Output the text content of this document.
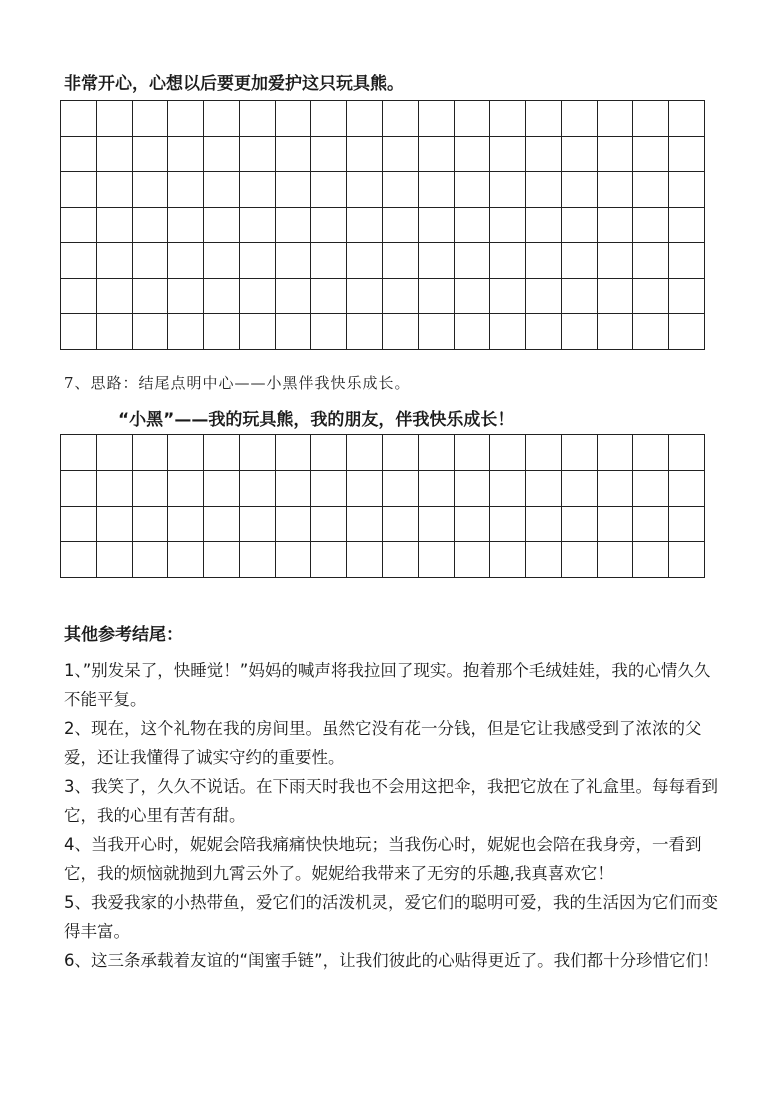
非常开心，心想以后要更加爱护这只玩具熊。
7、思路：结尾点明中心——小黑伴我快乐成长。
“小黑”——我的玩具熊，我的朋友，伴我快乐成长！
其他参考结尾：
1、”别发呆了，快睡觉！”妈妈的喊声将我拉回了现实。抱着那个毛绒娃娃，我的心情久久不能平复。
2、现在，这个礼物在我的房间里。虽然它没有花一分钱，但是它让我感受到了浓浓的父爱，还让我懂得了诚实守约的重要性。
3、我笑了，久久不说话。在下雨天时我也不会用这把伞，我把它放在了礼盒里。每每看到它，我的心里有苦有甜。
4、当我开心时，妮妮会陪我痛痛快快地玩；当我伤心时，妮妮也会陪在我身旁，一看到它，我的烦恼就抛到九霄云外了。妮妮给我带来了无穷的乐趣,我真喜欢它！
5、我爱我家的小热带鱼，爱它们的活泼机灵，爱它们的聪明可爱，我的生活因为它们而变得丰富。
6、这三条承载着友谊的“闺蜜手链”，让我们彼此的心贴得更近了。我们都十分珍惜它们！
